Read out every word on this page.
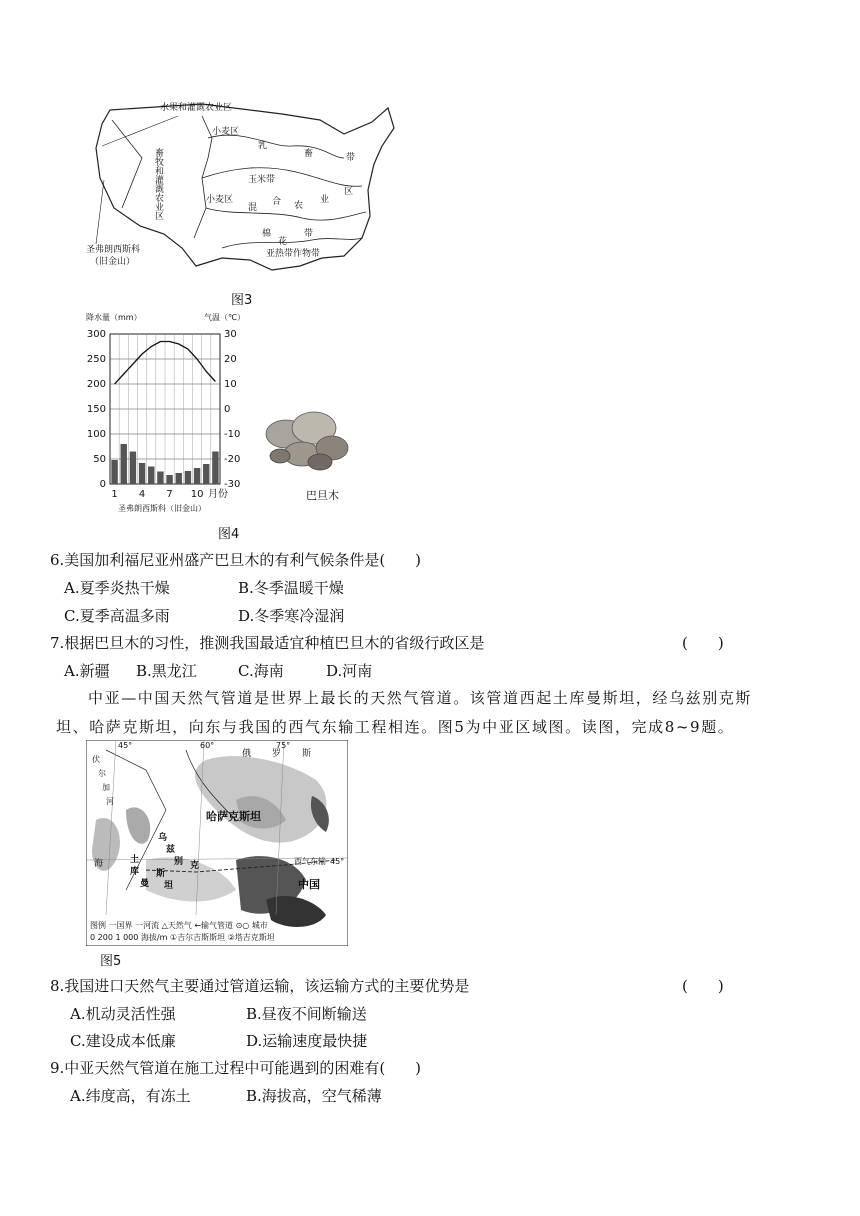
水果和灌溉农业区
小麦区
乳
畜	带
玉米带
区
业
农
合
混
小麦区
棉
花
带
亚热带作物带
畜牧和灌溉农业区
圣弗朗西斯科
（旧金山）
图3
降水量（mm）	气温（℃）
0
50
100
150
200
250
300
-30
-20
-10
0
10
20
30
1 4 7 10 月份
圣弗朗西斯科（旧金山）
图4
巴旦木
6.美国加利福尼亚州盛产巴旦木的有利气候条件是(　　)
A.夏季炎热干燥	B.冬季温暖干燥
C.夏季高温多雨	D.冬季寒冷湿润
7.根据巴旦木的习性，推测我国最适宜种植巴旦木的省级行政区是	(　　)
A.新疆 B.黑龙江	C.海南	D.河南
中亚—中国天然气管道是世界上最长的天然气管道。该管道西起土库曼斯坦，经乌兹别克斯
坦、哈萨克斯坦，向东与我国的西气东输工程相连。图5为中亚区域图。读图，完成8~9题。
45°	60°	75°
45°
俄 罗 斯
哈萨克斯坦
中国
西气东输
土
库
曼
斯
坦
乌
兹
别 克
海
伏
尔
加
河
图例 一国界 一河流 △天然气 ←输气管道 ⊙○ 城市
0 200 1 000 海拔/m ①吉尔吉斯斯坦 ②塔吉克斯坦
图5
8.我国进口天然气主要通过管道运输，该运输方式的主要优势是	(　　)
A.机动灵活性强	B.昼夜不间断输送
C.建设成本低廉	D.运输速度最快捷
9.中亚天然气管道在施工过程中可能遇到的困难有(　　)
A.纬度高，有冻土	B.海拔高，空气稀薄
